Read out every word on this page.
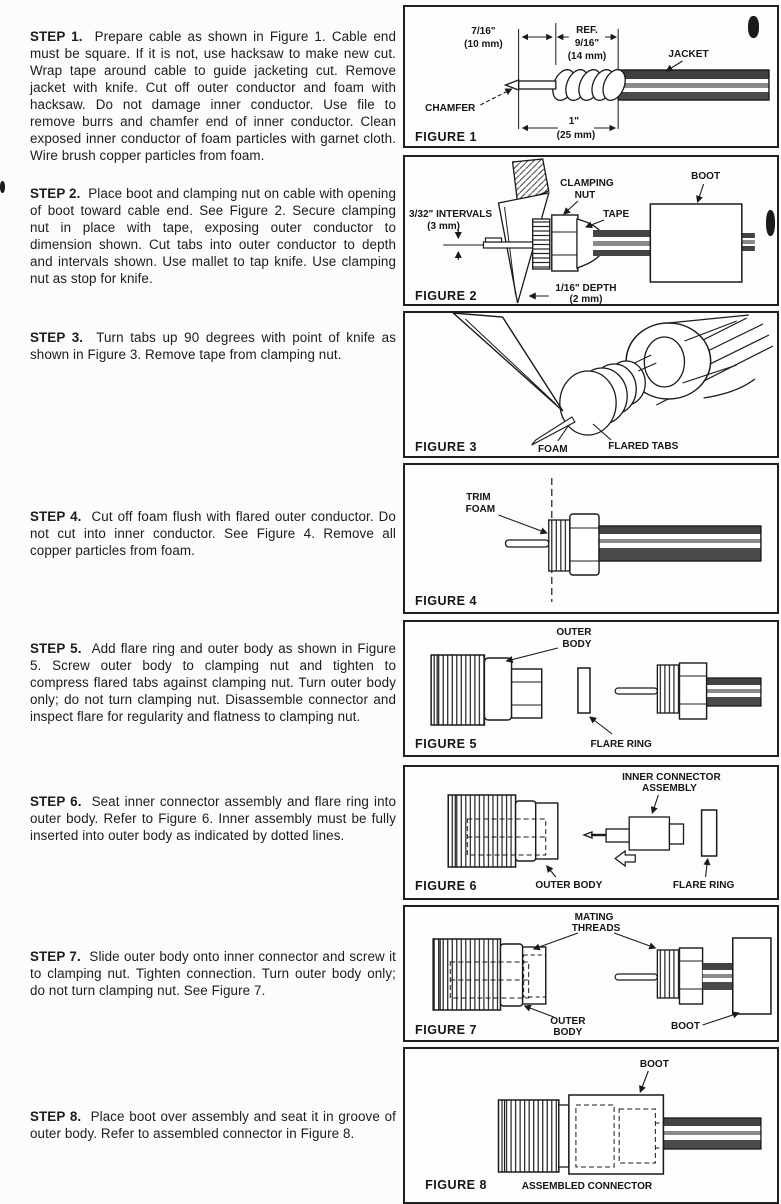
STEP 1. Prepare cable as shown in Figure 1. Cable end must be square. If it is not, use hacksaw to make new cut. Wrap tape around cable to guide jacketing cut. Remove jacket with knife. Cut off outer conductor and foam with hacksaw. Do not damage inner conductor. Use file to remove burrs and chamfer end of inner conductor. Clean exposed inner conductor of foam particles with garnet cloth. Wire brush copper particles from foam.

STEP 2. Place boot and clamping nut on cable with opening of boot toward cable end. See Figure 2. Secure clamping nut in place with tape, exposing outer conductor to dimension shown. Cut tabs into outer conductor to depth and intervals shown. Use mallet to tap knife. Use clamping nut as stop for knife.

STEP 3. Turn tabs up 90 degrees with point of knife as shown in Figure 3. Remove tape from clamping nut.

STEP 4. Cut off foam flush with flared outer conductor. Do not cut into inner conductor. See Figure 4. Remove all copper particles from foam.

STEP 5. Add flare ring and outer body as shown in Figure 5. Screw outer body to clamping nut and tighten to compress flared tabs against clamping nut. Turn outer body only; do not turn clamping nut. Disassemble connector and inspect flare for regularity and flatness to clamping nut.

STEP 6. Seat inner connector assembly and flare ring into outer body. Refer to Figure 6. Inner assembly must be fully inserted into outer body as indicated by dotted lines.

STEP 7. Slide outer body onto inner connector and screw it to clamping nut. Tighten connection. Turn outer body only; do not turn clamping nut. See Figure 7.

STEP 8. Place boot over assembly and seat it in groove of outer body. Refer to assembled connector in Figure 8.

7/16"
(10 mm)
REF.
9/16"
(14 mm)	JACKET
CHAMFER
1"
(25 mm)
FIGURE 1
3/32" INTERVALS
(3 mm)
CLAMPING
NUT
TAPE
BOOT
1/16" DEPTH
(2 mm)
FIGURE 2
FOAM	FLARED TABS
FIGURE 3
TRIM
FOAM
FIGURE 4
OUTER
BODY
FLARE RING
FIGURE 5
INNER CONNECTOR
ASSEMBLY
OUTER BODY	FLARE RING
FIGURE 6
MATING
THREADS
OUTER
BODY
BOOT
FIGURE 7
BOOT
ASSEMBLED CONNECTOR
FIGURE 8
